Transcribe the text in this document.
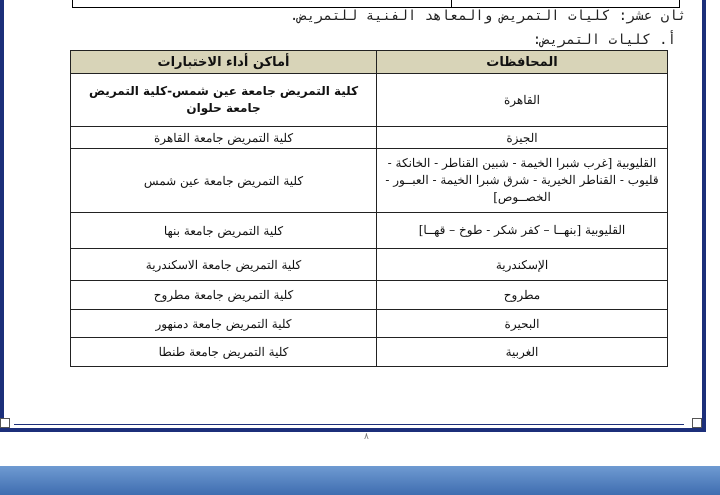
ثان عشر: كليات التمريض والمعاهد الفنية للتمريض.
أ. كليات التمريض:
المحافظات	أماكن أداء الاختبارات
القاهرة	كلية التمريض جامعة عين شمس-كلية التمريض جامعة حلوان
الجيزة	كلية التمريض جامعة القاهرة
القليوبية [غرب شبرا الخيمة - شبين القناطر - الخانكة - قليوب - القناطر الخيرية - شرق شبرا الخيمة - العبــور - الخصــوص]	كلية التمريض جامعة عين شمس
القليوبية [بنهــا – كفر شكر - طوخ – قهــا]	كلية التمريض جامعة بنها
الإسكندرية	كلية التمريض جامعة الاسكندرية
مطروح	كلية التمريض جامعة مطروح
البحيرة	كلية التمريض جامعة دمنهور
الغربية	كلية التمريض جامعة طنطا
٨
